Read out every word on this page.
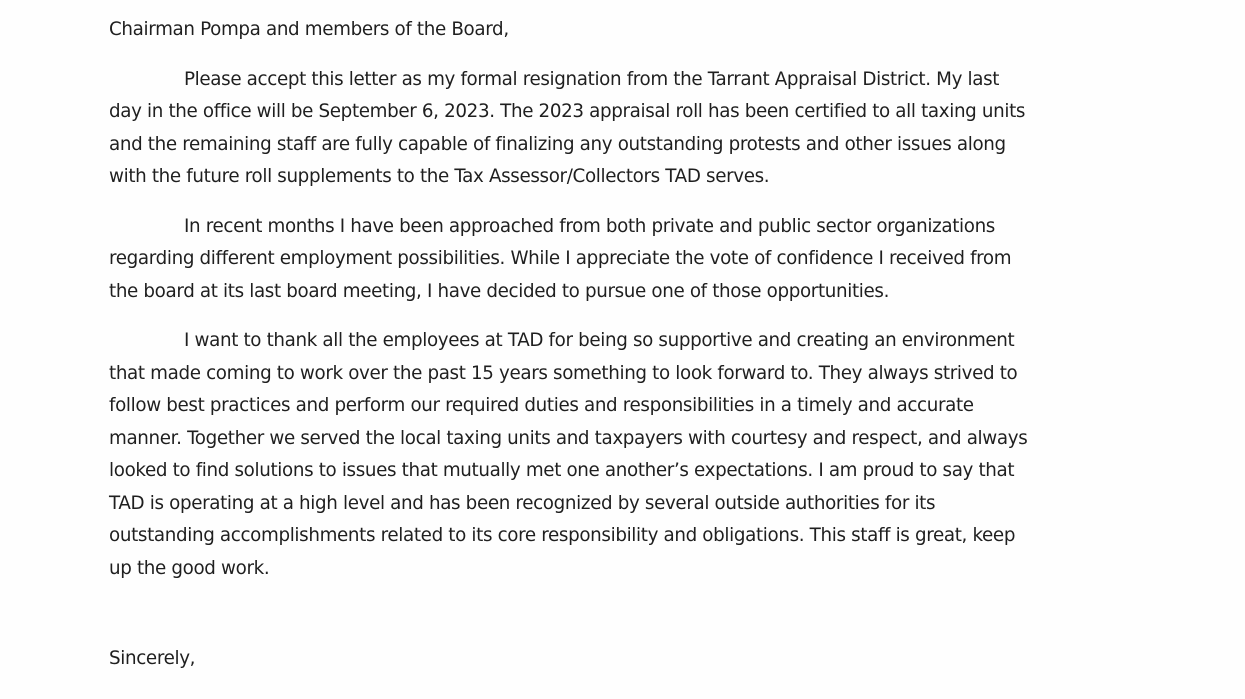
Chairman Pompa and members of the Board,

Please accept this letter as my formal resignation from the Tarrant Appraisal District. My last
day in the office will be September 6, 2023. The 2023 appraisal roll has been certified to all taxing units
and the remaining staff are fully capable of finalizing any outstanding protests and other issues along
with the future roll supplements to the Tax Assessor/Collectors TAD serves.

In recent months I have been approached from both private and public sector organizations
regarding different employment possibilities. While I appreciate the vote of confidence I received from
the board at its last board meeting, I have decided to pursue one of those opportunities.

I want to thank all the employees at TAD for being so supportive and creating an environment
that made coming to work over the past 15 years something to look forward to. They always strived to
follow best practices and perform our required duties and responsibilities in a timely and accurate
manner. Together we served the local taxing units and taxpayers with courtesy and respect, and always
looked to find solutions to issues that mutually met one another’s expectations. I am proud to say that
TAD is operating at a high level and has been recognized by several outside authorities for its
outstanding accomplishments related to its core responsibility and obligations. This staff is great, keep
up the good work.

Sincerely,
